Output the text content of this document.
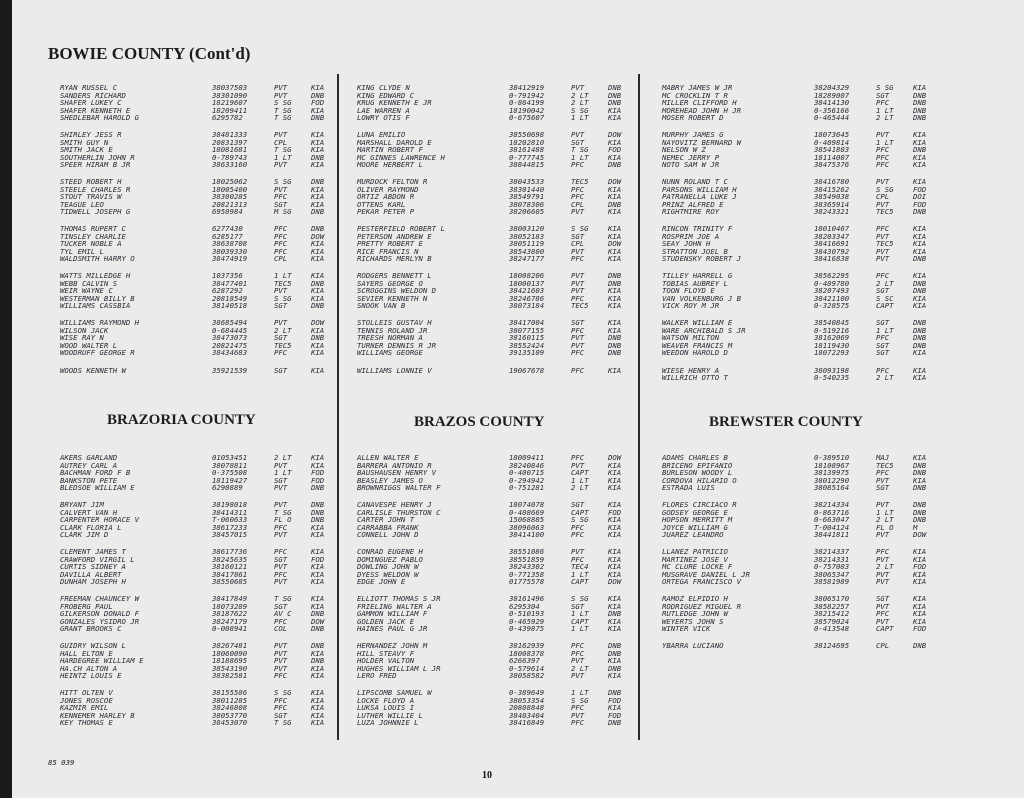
BOWIE COUNTY (Cont'd)
BRAZORIA COUNTY	BRAZOS COUNTY	BREWSTER COUNTY
RYAN RUSSEL C	38037503	PVT	KIA
SANDERS RICHARD	38301090	PVT	DNB
SHAFER LUKEY C	18219607	S SG	FOD
SHAFER KENNETH E	18209411	T SG	KIA
SHEDLEBAR HAROLD G	6295782	T SG	DNB
SHIRLEY JESS R	38481333	PVT	KIA
SMITH GUY N	20831397	CPL	KIA
SMITH JACK E	18081681	T SG	KIA
SOUTHERLIN JOHN R	0-789743	1 LT	DNB
SPEER HIRAM B JR	38633160	PVT	KIA
STEED ROBERT H	18025062	S SG	DNB
STEELE CHARLES R	18005400	PVT	KIA
STOUT TRAVIS W	38300285	PFC	KIA
TEAGUE LEO	20821313	SGT	KIA
TIDWELL JOSEPH G	6950984	M SG	DNB
THOMAS RUPERT C	6277430	PFC	DNB
TINSLEY CHARLIE	6285177	PFC	DOW
TUCKER NOBLE A	38638708	PFC	KIA
TYL EMIL L	38039330	PFC	KIA
WALDSMITH HARRY O	38474919	CPL	KIA
WATTS MILLEDGE H	1037356	1 LT	KIA
WEBB CALVIN S	38477401	TEC5	DNB
WEIR WAYNE C	6287292	PVT	KIA
WESTERMAN BILLY B	20818549	S SG	KIA
WILLIAMS CASSBIA	38140518	SGT	DNB
WILLIAMS RAYMOND H	38685494	PVT	DOW
WILSON JACK	0-684445	2 LT	KIA
WISE RAY N	38473073	SGT	DNB
WOOD WALTER L	20821475	TEC5	KIA
WOODRUFF GEORGE R	38434683	PFC	KIA
WOODS KENNETH W	35921539	SGT	KIA
KING CLYDE N	38412919	PVT	DNB
KING EDWARD C	0-791942	2 LT	DNB
KRUG KENNETH E JR	0-864199	2 LT	DNB
LAE WARREN A	18190042	S SG	KIA
LOWRY OTIS F	0-675607	1 LT	KIA
LUNA EMILIO	38550698	PVT	DOW
MARSHALL DAROLD E	18202810	SGT	KIA
MARTIN ROBERT F	38161488	T SG	FOD
MC GINNES LAWRENCE H	0-777745	1 LT	KIA
MOORE HERBERT L	38844815	PFC	DNB
MURDOCK FELTON R	38043533	TEC5	DOW
OLIVER RAYMOND	38301440	PFC	KIA
ORTIZ ABDON R	38549791	PFC	KIA
OTTENS KARL	38078306	CPL	DNB
PEKAR PETER P	38206605	PVT	KIA
PESTERFIELD ROBERT L	38003120	S SG	KIA
PETERSON ANDREW E	38052183	SGT	KIA
PRETTY ROBERT E	38051119	CPL	DOW
RICE FRANCIS N	38543800	PVT	KIA
RICHARDS MERLYN B	38247177	PFC	KIA
RODGERS BENNETT L	18008206	PVT	DNB
SAYERS GEORGE O	18000137	PVT	DNB
SCROGGINS WELDON D	38421603	PVT	KIA
SEVIER KENNETH N	38246786	PFC	KIA
SNOOK VAN B	38073184	TEC5	KIA
STOLLEIS GUSTAV H	38417004	SGT	KIA
TENNIS ROLAND JR	38077155	PFC	KIA
TREESH NORMAN A	38160115	PVT	DNB
TURNER DENNIS R JR	38552424	PVT	DNB
WILLIAMS GEORGE	39135109	PFC	DNB
WILLIAMS LONNIE V	19067678	PFC	KIA
MABRY JAMES W JR	38204329	S SG	KIA
MC CROCKLIN T R	18289007	SGT	DNB
MILLER CLIFFORD H	38414130	PFC	DNB
MOREHEAD JOHN H JR	0-356166	1 LT	DNB
MOSER ROBERT D	0-465444	2 LT	DNB
MURPHY JAMES G	18073645	PVT	KIA
NAYOVITZ BERNARD W	0-409814	1 LT	KIA
NELSON W Z	38541803	PFC	DNB
NEMEC JERRY P	18114007	PFC	KIA
NOTO SAM W JR	38475376	PFC	KIA
NUNN ROLAND T C	38416780	PVT	KIA
PARSONS WILLIAM H	38415262	S SG	FOD
PATRANELLA LUKE J	38549038	CPL	DOI
PRINZ ALFRED E	38365914	PVT	FOD
RIGHTMIRE ROY	38243321	TEC5	DNB
RINCON TRINITY F	18010467	PFC	KIA
ROSPRIM JOE A	38203347	PVT	KIA
SEAY JOHN H	38416691	TEC5	KIA
STRATTON JOEL B	38430792	PVT	KIA
STUDENSKY ROBERT J	38416838	PVT	DNB
TILLEY HARRELL G	38562295	PFC	KIA
TOBIAS AUBREY L	0-409780	2 LT	DNB
TOON FLOYD E	38207493	SGT	DNB
VAN VOLKENBURG J B	38421100	S SC	KIA
VICK ROY M JR	0-328575	CAPT	KIA
WALKER WILLIAM E	38540845	SGT	DNB
WARE ARCHIBALD S JR	0-519216	1 LT	DNB
WATSON MILTON	38162069	PFC	DNB
WEAVER FRANCIS M	18119430	SGT	DNB
WEEDON HAROLD D	18072293	SGT	KIA
WIESE HENRY A	38093198	PFC	KIA
WILLRICH OTTO T	0-540235	2 LT	KIA
AKERS GARLAND	01053451	2 LT	KIA
AUTREY CARL A	38078811	PVT	KIA
BACHMAN FORD F B	0-375508	1 LT	FOD
BANKSTON PETE	18119427	SGT	FOD
BLEDSOE WILLIAM E	6290889	PVT	DNB
BRYANT JIM	38198018	PVT	DNB
CALVERT VAN H	38414311	T SG	DNB
CARPENTER HORACE V	T-060633	FL O	DNB
CLARK FLORIA L	38617233	PFC	KIA
CLARK JIM D	38457015	PVT	KIA
CLEMENT JAMES T	38617736	PFC	KIA
CRAWFORD VIRGIL L	38245635	SGT	FOD
CURTIS SIDNEY A	38160121	PVT	KIA
DAVILLA ALBERT	38417861	PFC	KIA
DUNHAM JOSEPH H	38550685	PVT	KIA
FREEMAN CHAUNCEY W	38417849	T SG	KIA
FROBERG PAUL	18073289	SGT	KIA
GILKERSON DONALD F	38187622	AV C	DNB
GONZALES YSIDRO JR	38247179	PFC	DOW
GRANT BROOKS C	0-008941	COL	DNB
GUIDRY WILSON L	38267481	PVT	DNB
HALL ELTON E	18060090	PVT	KIA
HARDEGREE WILLIAM E	18188695	PVT	DNB
HA.CH ALTON A	38543190	PVT	KIA
HEINTZ LOUIS E	38382581	PFC	KIA
HITT OLTEN V	38155586	S SG	KIA
JONES ROSCOE	38011285	PFC	KIA
KAZMIR EMIL	38246808	PFC	KIA
KENNEMER HARLEY B	38053770	SGT	KIA
KEY THOMAS E	38453070	T SG	KIA
ALLEN WALTER E	18009411	PFC	DOW
BARRERA ANTONIO R	38240846	PVT	KIA
BAUSHAUSEN HENRY V	0-400715	CAPT	KIA
BEASLEY JAMES O	0-294942	1 LT	KIA
BROWNRIGGS WALTER F	0-751281	2 LT	KIA
CANAVESPE HENRY J	18074078	SGT	KIA
CARLISLE THURSTON C	0-408669	CAPT	FOD
CARTER JOHN T	15068885	S SG	KIA
CARRABBA FRANK	38096063	PFC	KIA
CONNELL JOHN D	38414100	PFC	KIA
CONRAD EUGENE H	38551086	PVT	KIA
DOMINGUEZ PABLO	38551859	PFC	KIA
DOWLING JOHN W	38243302	TEC4	KIA
DYESS WELDON W	0-771358	1 LT	KIA
EDGE JOHN E	01775578	CAPT	DOW
ELLIOTT THOMAS S JR	38161496	S SG	KIA
FRIELING WALTER A	6295304	SGT	KIA
GAMMON WILLIAM F	0-510193	1 LT	DNB
GOLDEN JACK E	0-465929	CAPT	KIA
HAINES PAUL G JR	0-439875	1 LT	KIA
HERNANDEZ JOHN M	38162939	PFC	DNB
HILL STEAVY F	18008378	PFC	DNB
HOLDER VALTON	6266397	PVT	KIA
HUGHES WILLIAM L JR	0-579614	2 LT	DNB
LERO FRED	38058582	PVT	KIA
LIPSCOMB SAMUEL W	0-389649	1 LT	DNB
LOCKE FLOYD A	38053354	S SG	FOD
LUKSA LOUIS I	20808848	PFC	KIA
LUTHER WILLIE L	38403404	PVT	FOD
LUZA JOHNNIE L	38416849	PFC	DNB
ADAMS CHARLES B	0-389510	MAJ	KIA
BRICENO EPIFANIO	18108967	TEC5	DNB
BURLESON WOODY L	38139975	PFC	DNB
CORDOVA HILARIO O	38012290	PVT	KIA
ESTRADA LUIS	38085164	SGT	DNB
FLORES CIRCIACO R	38214334	PVT	DNB
GODSEY GEORGE E	0-863716	1 LT	DNB
HOPSON MERRITT M	0-663047	2 LT	DNB
JOYCE WILLIAM G	T-004124	FL O	M
JUAREZ LEANDRO	38441811	PVT	DOW
LLANEZ PATRICIO	38214337	PFC	KIA
MARTINEZ JOSE V	38214331	PVT	KIA
MC CLURE LOCKE F	0-757003	2 LT	FOD
MUSGRAVE DANIEL L JR	38065347	PVT	KIA
ORTEGA FRANCISCO V	38581989	PVT	KIA
RAMOZ ELPIDIO H	38065170	SGT	KIA
RODRIGUEZ MIGUEL R	38582257	PVT	KIA
RUTLEDGE JOHN W	38215412	PFC	KIA
WEYERTS JOHN S	38579024	PVT	KIA
WINTER VICK	0-413548	CAPT	FOD
YBARRA LUCIANO	38124695	CPL	DNB
85 039
10
